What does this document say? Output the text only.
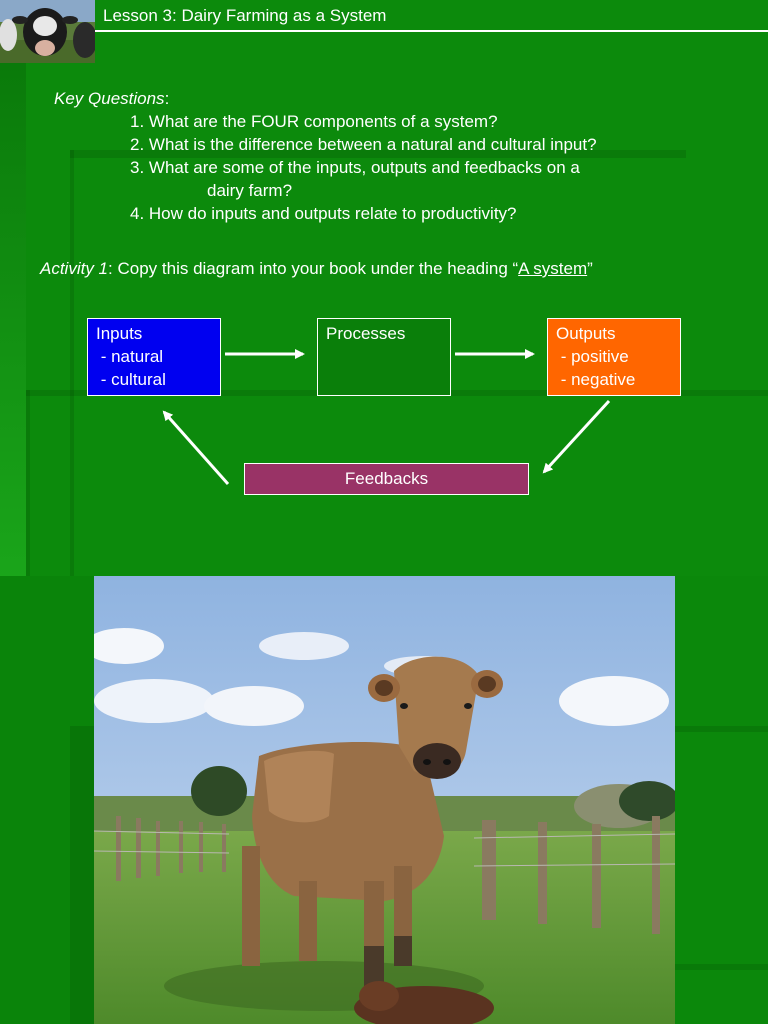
Lesson 3: Dairy Farming as a System
Key Questions:
1. What are the FOUR components of a system?
2. What is the difference between a natural and cultural input?
3. What are some of the inputs, outputs and feedbacks on a
dairy farm?
4. How do inputs and outputs relate to productivity?
Activity 1: Copy this diagram into your book under the heading “A system”
Inputs
- natural
- cultural
Processes	Outputs
- positive
- negative
Feedbacks
